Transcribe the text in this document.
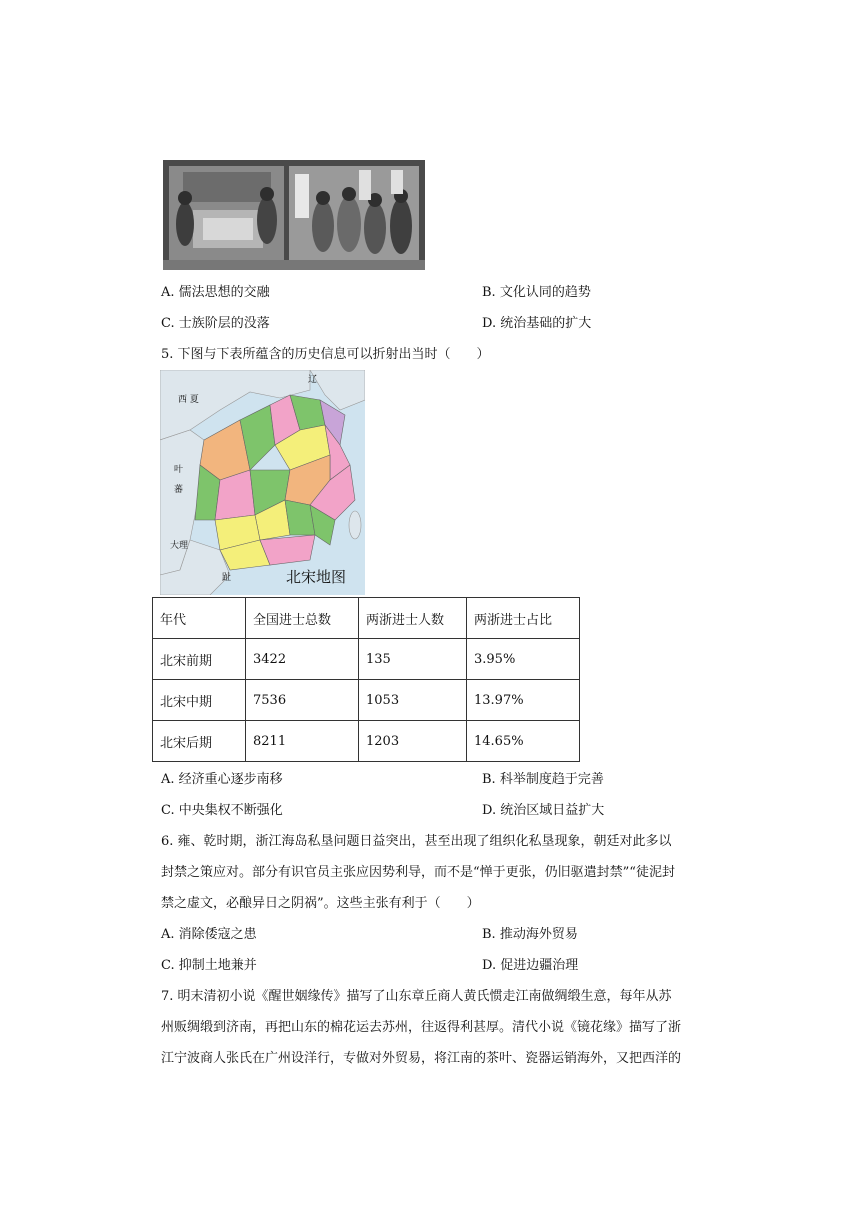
A. 儒法思想的交融	B. 文化认同的趋势
C. 士族阶层的没落	D. 统治基础的扩大
5. 下图与下表所蕴含的历史信息可以折射出当时（　　）
辽
西 夏
叶
蕃
大理
趾	北宋地图
年代	全国进士总数	两浙进士人数	两浙进士占比
北宋前期	3422	135	3.95%
北宋中期	7536	1053	13.97%
北宋后期	8211	1203	14.65%
A. 经济重心逐步南移	B. 科举制度趋于完善
C. 中央集权不断强化	D. 统治区域日益扩大
6. 雍、乾时期，浙江海岛私垦问题日益突出，甚至出现了组织化私垦现象，朝廷对此多以
封禁之策应对。部分有识官员主张应因势利导，而不是“惮于更张，仍旧驱遣封禁”“徒泥封
禁之虚文，必酿异日之阴祸”。这些主张有利于（　　）
A. 消除倭寇之患	B. 推动海外贸易
C. 抑制土地兼并	D. 促进边疆治理
7. 明末清初小说《醒世姻缘传》描写了山东章丘商人黄氏惯走江南做绸缎生意，每年从苏
州贩绸缎到济南，再把山东的棉花运去苏州，往返得利甚厚。清代小说《镜花缘》描写了浙
江宁波商人张氏在广州设洋行，专做对外贸易，将江南的茶叶、瓷器运销海外，又把西洋的
